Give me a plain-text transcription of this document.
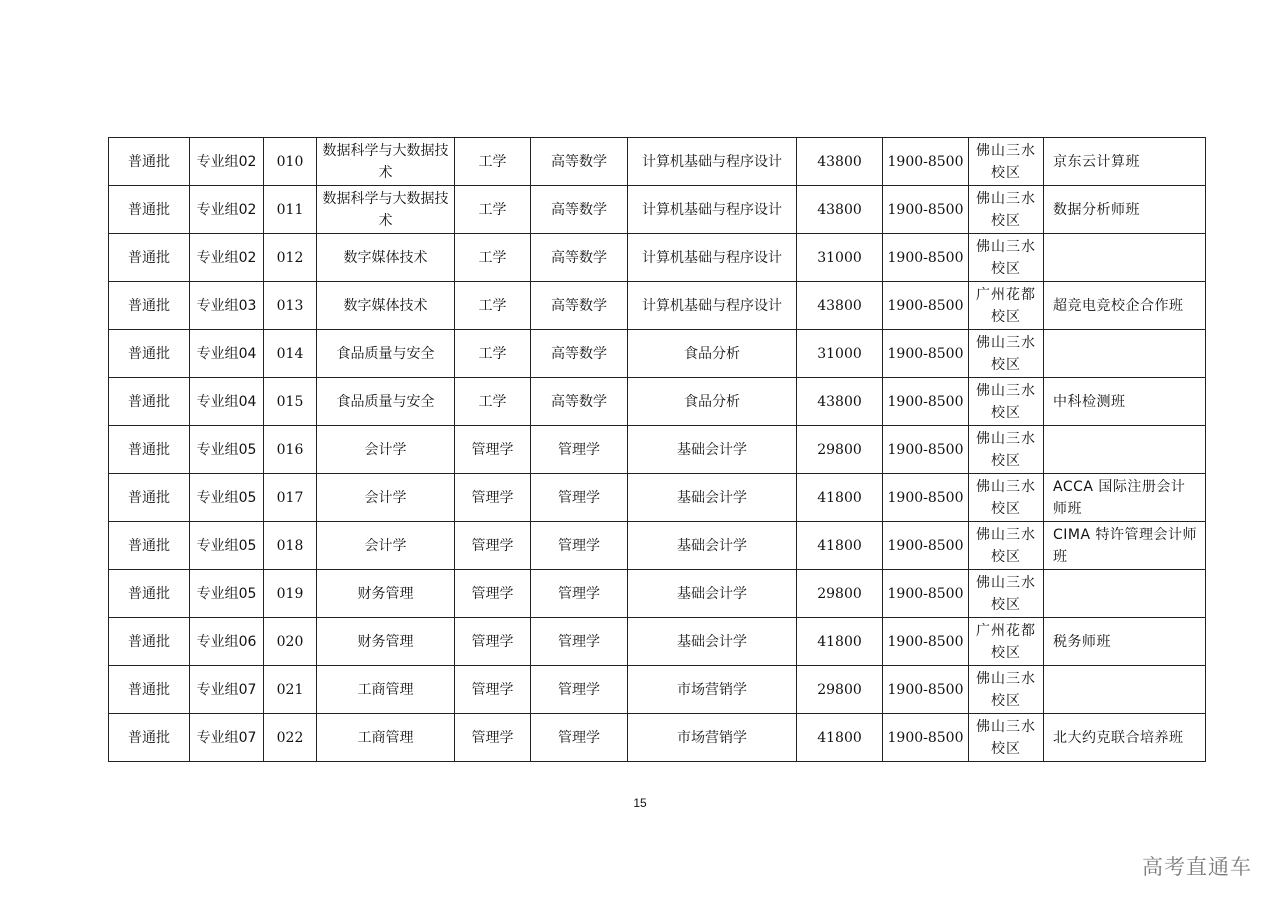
普通批	专业组02	010	数据科学与大数据技术	工学	高等数学	计算机基础与程序设计	43800	1900-8500	佛山三水校区	京东云计算班
普通批	专业组02	011	数据科学与大数据技术	工学	高等数学	计算机基础与程序设计	43800	1900-8500	佛山三水校区	数据分析师班
普通批	专业组02	012	数字媒体技术	工学	高等数学	计算机基础与程序设计	31000	1900-8500	佛山三水校区	
普通批	专业组03	013	数字媒体技术	工学	高等数学	计算机基础与程序设计	43800	1900-8500	广州花都校区	超竞电竞校企合作班
普通批	专业组04	014	食品质量与安全	工学	高等数学	食品分析	31000	1900-8500	佛山三水校区	
普通批	专业组04	015	食品质量与安全	工学	高等数学	食品分析	43800	1900-8500	佛山三水校区	中科检测班
普通批	专业组05	016	会计学	管理学	管理学	基础会计学	29800	1900-8500	佛山三水校区	
普通批	专业组05	017	会计学	管理学	管理学	基础会计学	41800	1900-8500	佛山三水校区	ACCA 国际注册会计师班
普通批	专业组05	018	会计学	管理学	管理学	基础会计学	41800	1900-8500	佛山三水校区	CIMA 特许管理会计师班
普通批	专业组05	019	财务管理	管理学	管理学	基础会计学	29800	1900-8500	佛山三水校区	
普通批	专业组06	020	财务管理	管理学	管理学	基础会计学	41800	1900-8500	广州花都校区	税务师班
普通批	专业组07	021	工商管理	管理学	管理学	市场营销学	29800	1900-8500	佛山三水校区	
普通批	专业组07	022	工商管理	管理学	管理学	市场营销学	41800	1900-8500	佛山三水校区	北大约克联合培养班
15
高考直通车
